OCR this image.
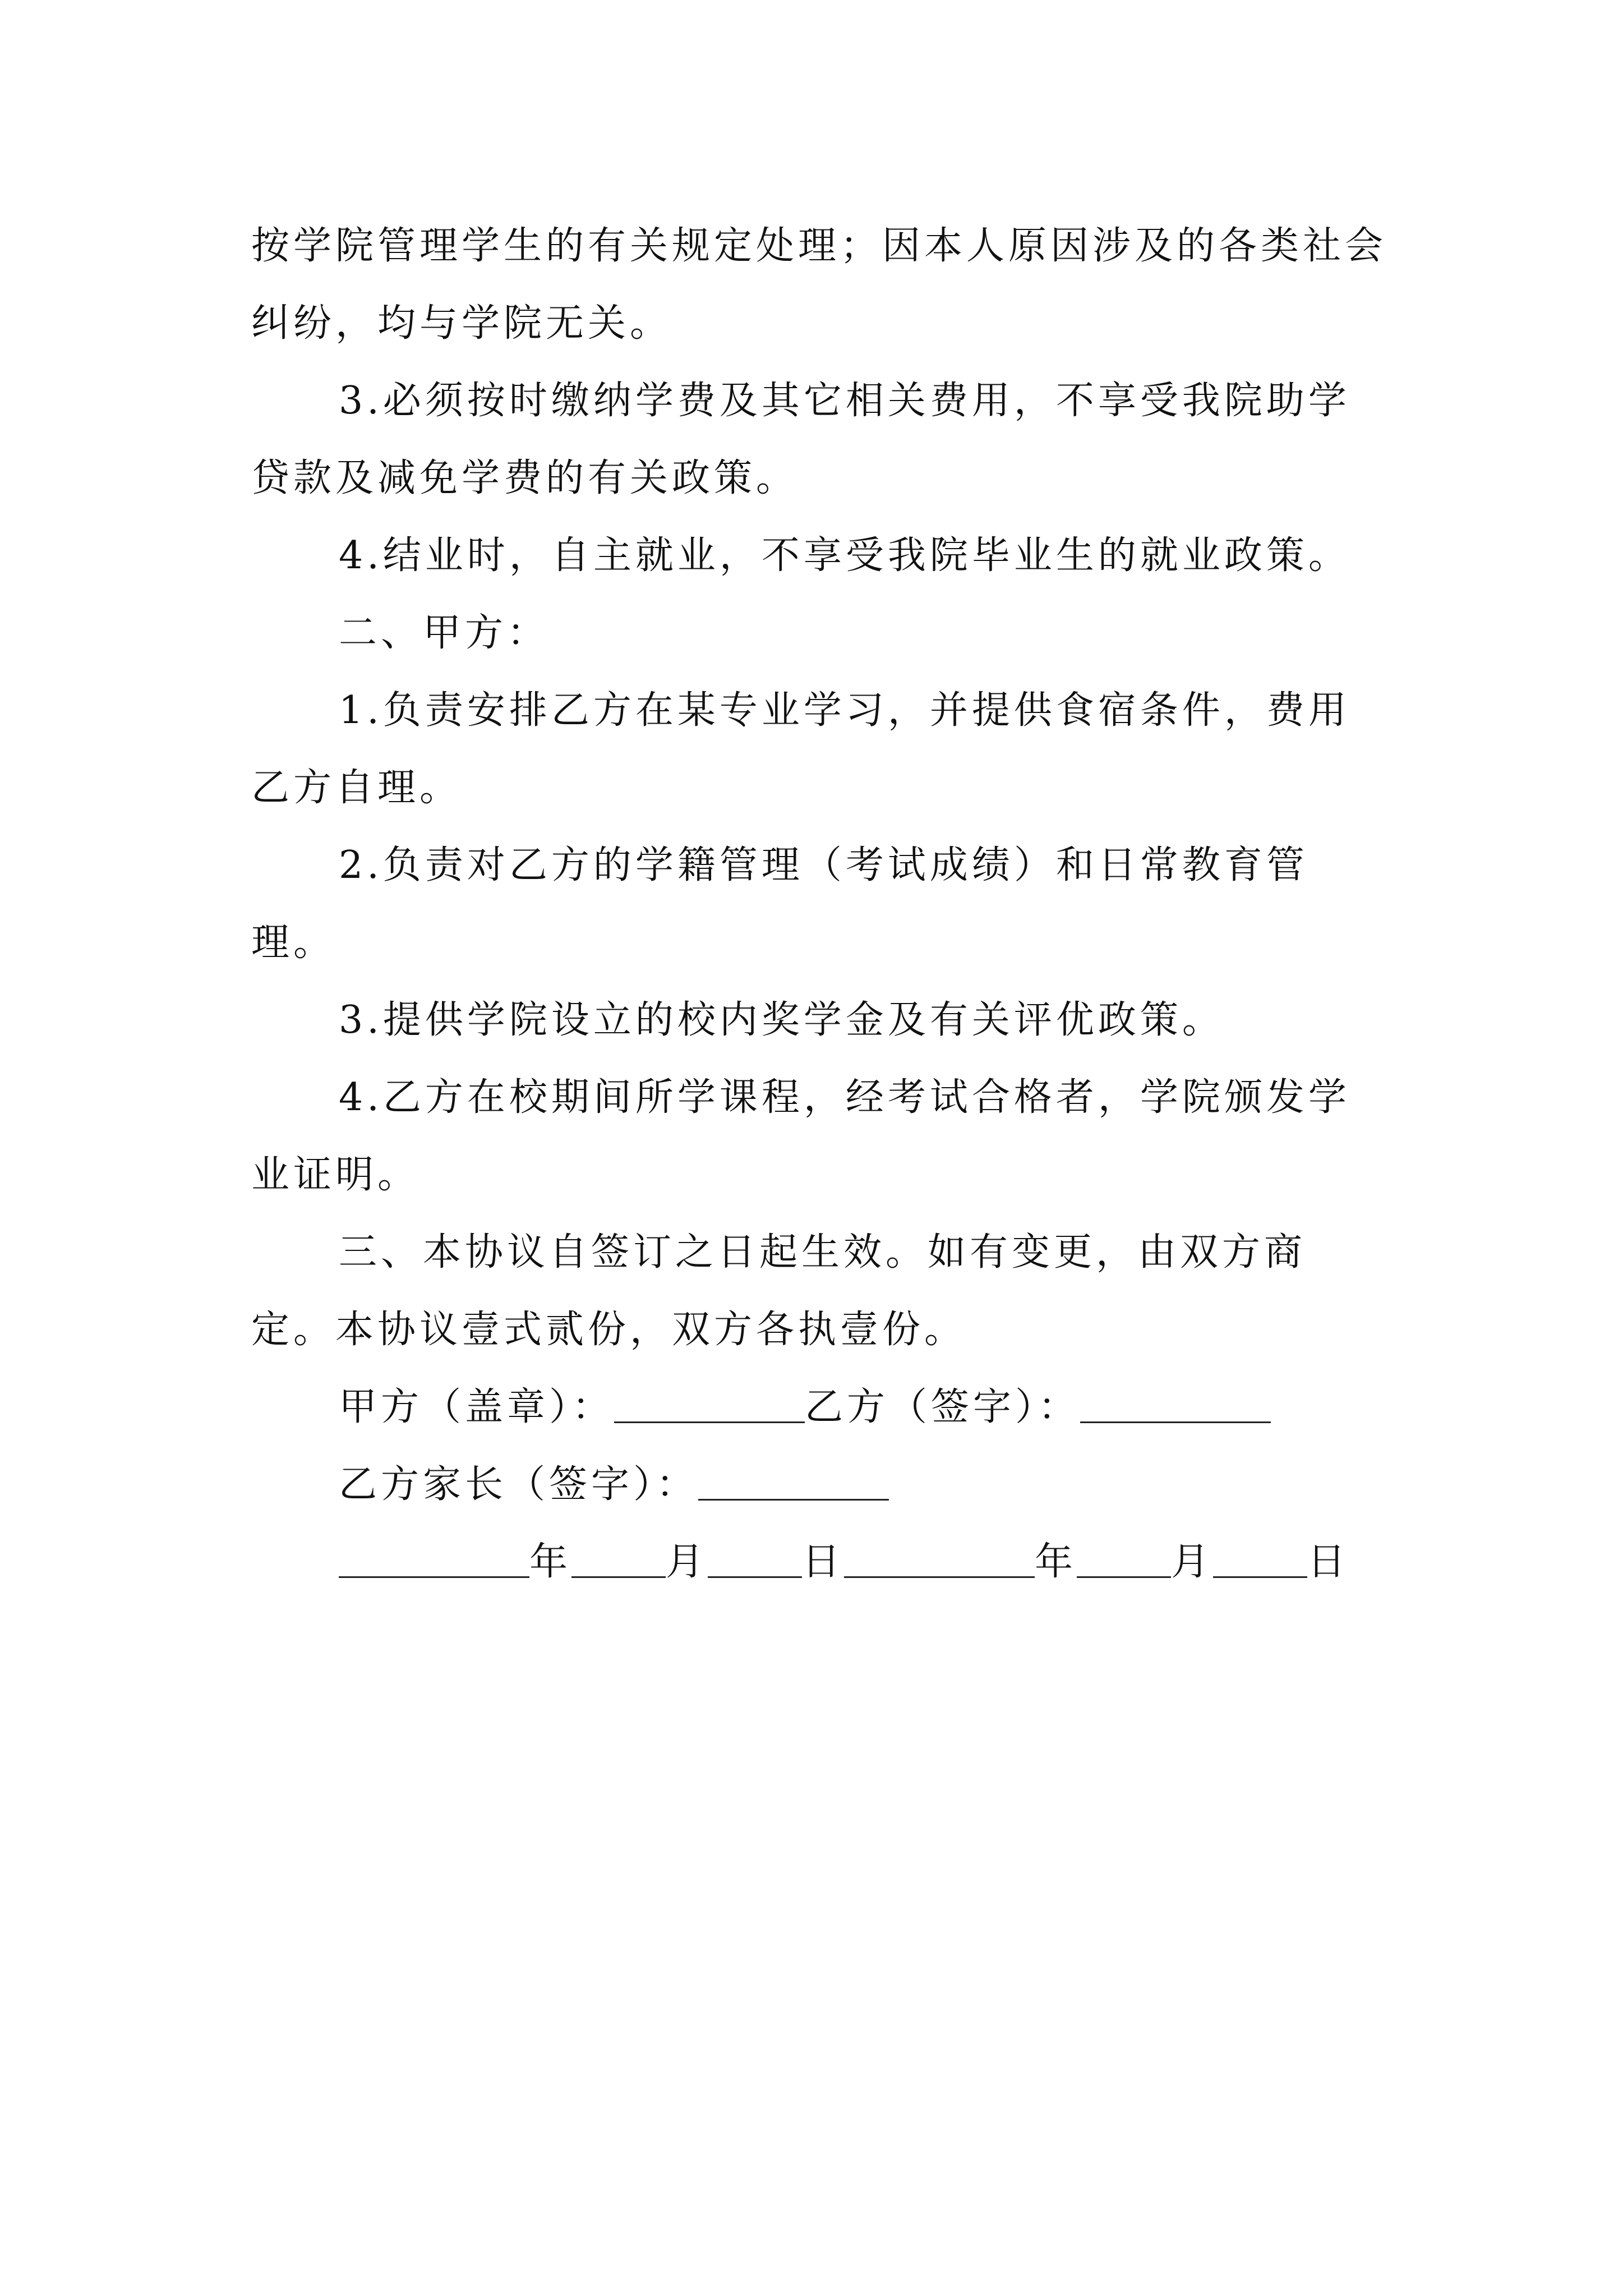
按学院管理学生的有关规定处理；因本人原因涉及的各类社会纠纷，均与学院无关。

3.必须按时缴纳学费及其它相关费用，不享受我院助学贷款及减免学费的有关政策。

4.结业时，自主就业，不享受我院毕业生的就业政策。

二、甲方：

1.负责安排乙方在某专业学习，并提供食宿条件，费用乙方自理。

2.负责对乙方的学籍管理（考试成绩）和日常教育管理。

3.提供学院设立的校内奖学金及有关评优政策。

4.乙方在校期间所学课程，经考试合格者，学院颁发学业证明。

三、本协议自签订之日起生效。如有变更，由双方商定。本协议壹式贰份，双方各执壹份。

甲方（盖章）：	乙方（签字）：
乙方家长（签字）：
年 月 日	年 月 日
